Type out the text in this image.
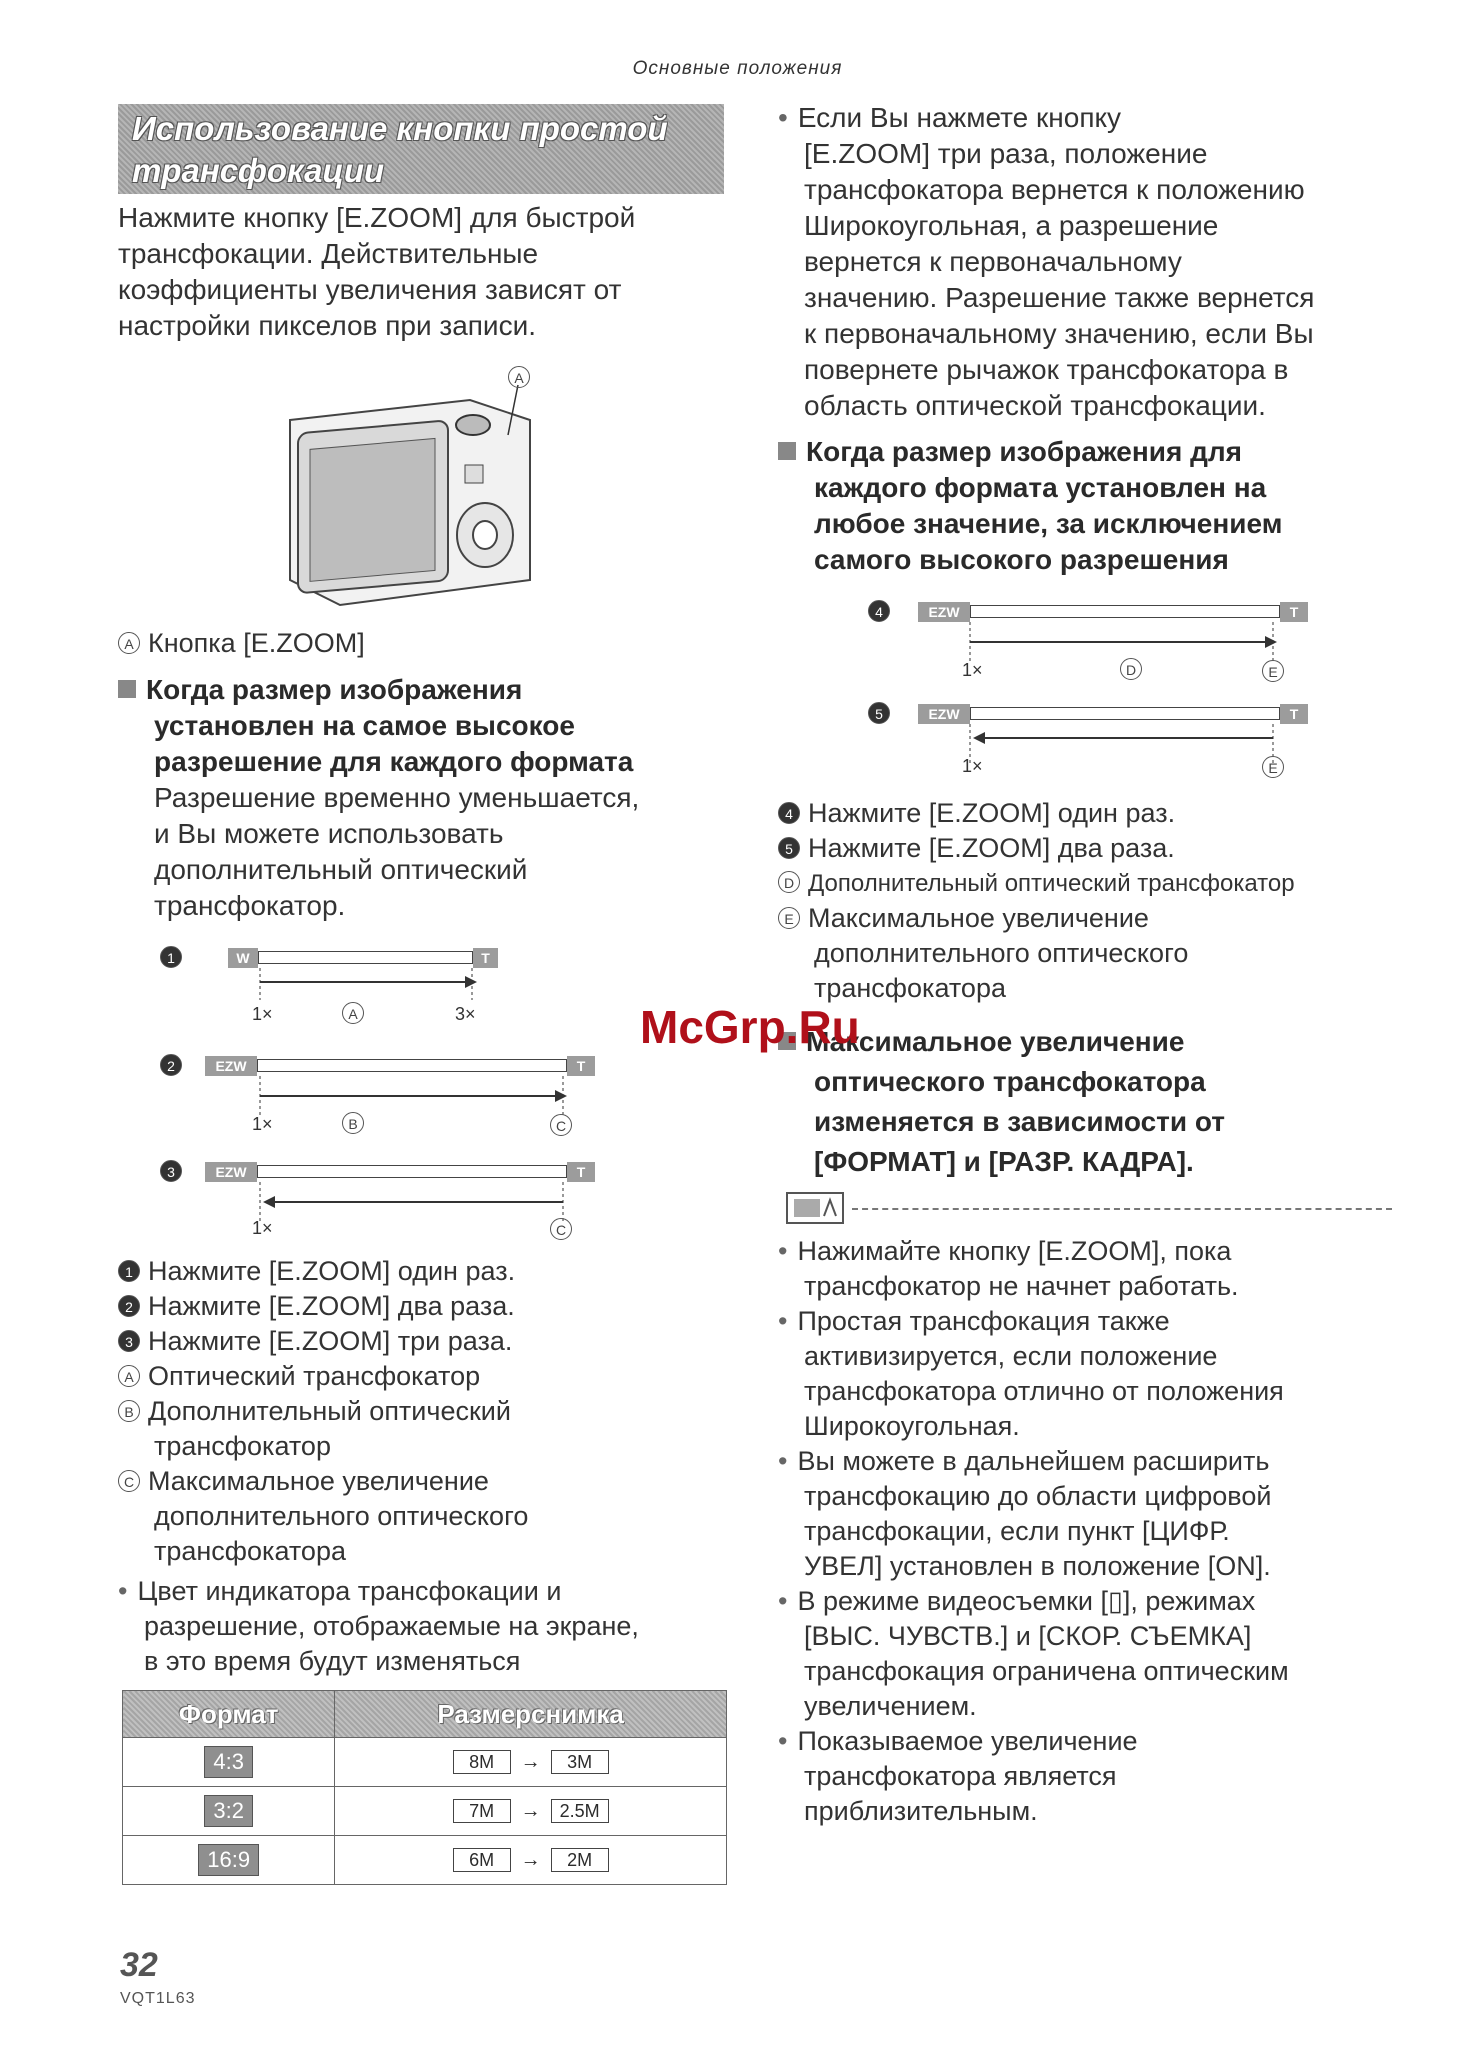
Основные положения
Использование кнопки простой трансфокации
Нажмите кнопку [E.ZOOM] для быстрой
трансфокации. Действительные
коэффициенты увеличения зависят от
настройки пикселов при записи.
A
A Кнопка [E.ZOOM]
Когда размер изображения
установлен на самое высокое
разрешение для каждого формата
Разрешение временно уменьшается,
и Вы можете использовать
дополнительный оптический
трансфокатор.
1	W	T
1×	A	3×
2	EZW	T
1×	B	C
3	EZW	T
1×	C
1 Нажмите [E.ZOOM] один раз.
2 Нажмите [E.ZOOM] два раза.
3 Нажмите [E.ZOOM] три раза.
A Оптический трансфокатор
B Дополнительный оптический
трансфокатор
C Максимальное увеличение
дополнительного оптического
трансфокатора
• Цвет индикатора трансфокации и
разрешение, отображаемые на экране,
в это время будут изменяться
Формат	Размерснимка
4:3	8M → 3M
3:2	7M → 2.5M
16:9	6M → 2M
• Если Вы нажмете кнопку
[E.ZOOM] три раза, положение
трансфокатора вернется к положению
Широкоугольная, а разрешение
вернется к первоначальному
значению. Разрешение также вернется
к первоначальному значению, если Вы
повернете рычажок трансфокатора в
область оптической трансфокации.
Когда размер изображения для
каждого формата установлен на
любое значение, за исключением
самого высокого разрешения
4	EZW	T
1×	D	E
5	EZW	T
1×	E
4 Нажмите [E.ZOOM] один раз.
5 Нажмите [E.ZOOM] два раза.
D Дополнительный оптический трансфокатор
E Максимальное увеличение
дополнительного оптического
трансфокатора
Максимальное увеличение
оптического трансфокатора
изменяется в зависимости от
[ФОРМАТ] и [РАЗР. КАДРА].
• Нажимайте кнопку [E.ZOOM], пока
трансфокатор не начнет работать.
• Простая трансфокация также
активизируется, если положение
трансфокатора отлично от положения
Широкоугольная.
• Вы можете в дальнейшем расширить
трансфокацию до области цифровой
трансфокации, если пункт [ЦИФР.
УВЕЛ] установлен в положение [ON].
• В режиме видеосъемки [▯], режимах
[ВЫС. ЧУВСТВ.] и [СКОР. СЪЕМКА]
трансфокация ограничена оптическим
увеличением.
• Показываемое увеличение
трансфокатора является
приблизительным.
McGrp.Ru
32
VQT1L63
